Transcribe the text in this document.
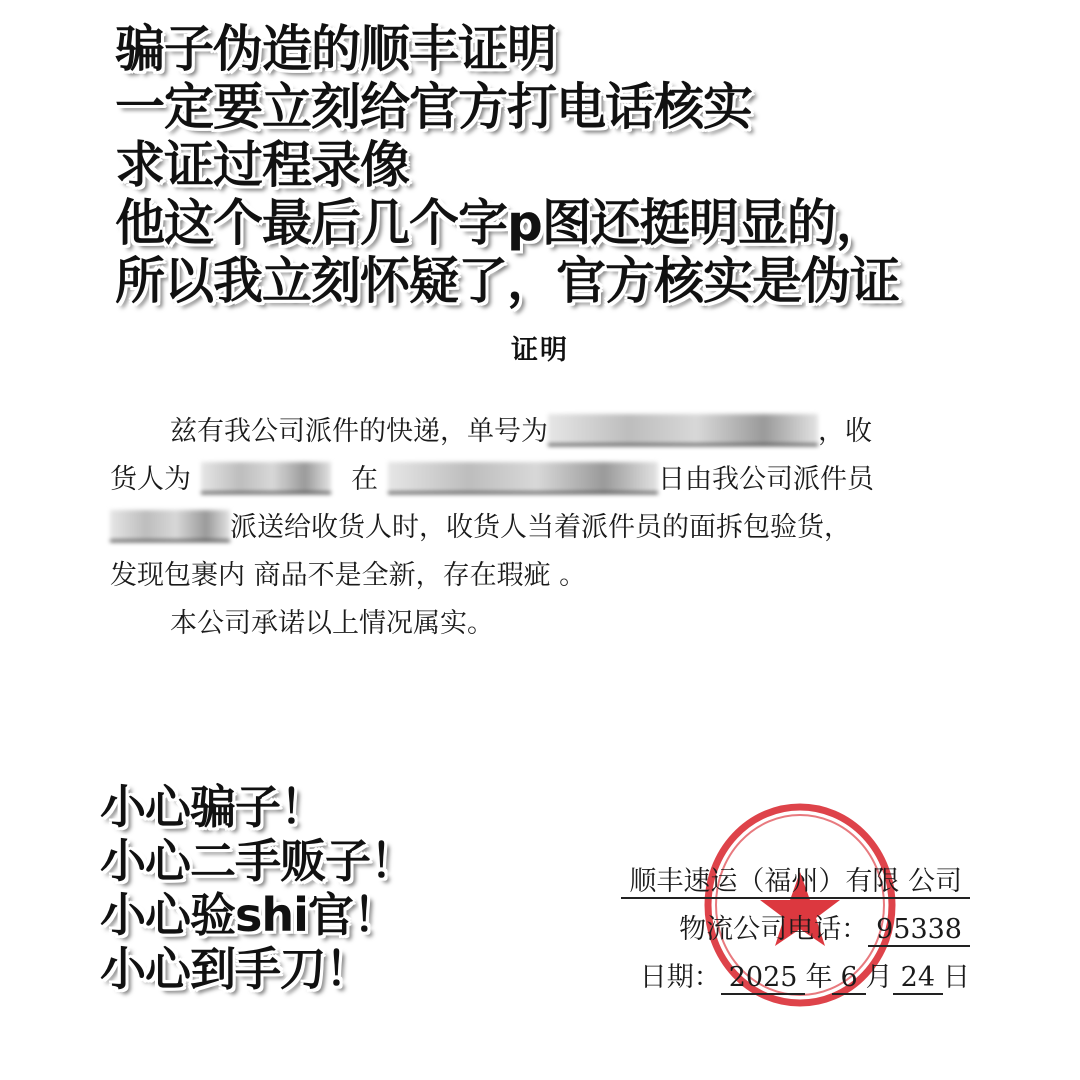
骗子伪造的顺丰证明
一定要立刻给官方打电话核实
求证过程录像
他这个最后几个字p图还挺明显的，
所以我立刻怀疑了，官方核实是伪证
证明

兹有我公司派件的快递，单号为	，收

货人为	在	日由我公司派件员

派送给收货人时，收货人当着派件员的面拆包验货，

发现包裹内 商品不是全新，存在瑕疵 。

本公司承诺以上情况属实。

顺丰速运（福州）有限 公司
物流公司电话： 95338
日期： 2025 年 6 月 24 日
小心骗子！
小心二手贩子！
小心验shi官！
小心到手刀！
